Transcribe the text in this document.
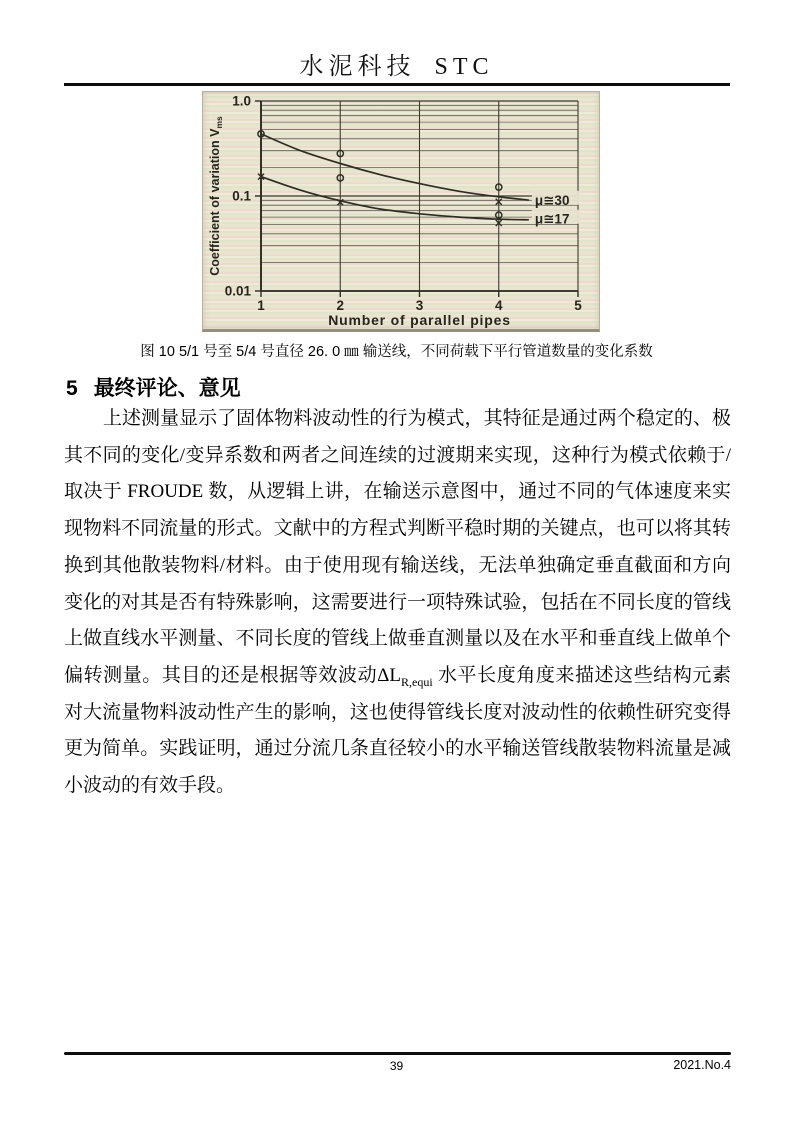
水泥科技 STC
μ≅30
μ≅17
1.0
0.1
0.01
1	2	3	4	5
Number of parallel pipes
Coefficient of variation $V_{ms}$
图 10 5/1 号至 5/4 号直径 26. 0 ㎜ 输送线，不同荷载下平行管道数量的变化系数
5 最终评论、意见

上述测量显示了固体物料波动性的行为模式，其特征是通过两个稳定的、极其不同的变化/变异系数和两者之间连续的过渡期来实现，这种行为模式依赖于/取决于 FROUDE 数，从逻辑上讲，在输送示意图中，通过不同的气体速度来实现物料不同流量的形式。文献中的方程式判断平稳时期的关键点，也可以将其转换到其他散装物料/材料。由于使用现有输送线，无法单独确定垂直截面和方向变化的对其是否有特殊影响，这需要进行一项特殊试验，包括在不同长度的管线上做直线水平测量、不同长度的管线上做垂直测量以及在水平和垂直线上做单个偏转测量。其目的还是根据等效波动$\Delta L_{R,equi}$ 水平长度角度来描述这些结构元素对大流量物料波动性产生的影响，这也使得管线长度对波动性的依赖性研究变得更为简单。实践证明，通过分流几条直径较小的水平输送管线散装物料流量是减小波动的有效手段。

39	2021.No.4
